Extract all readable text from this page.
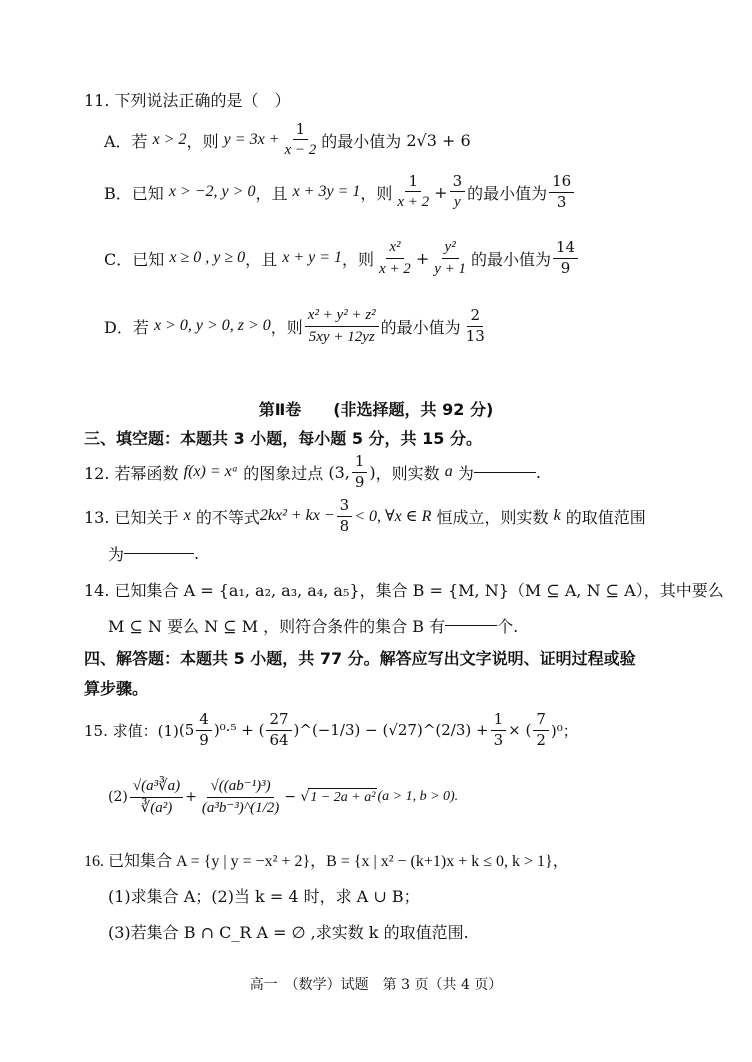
11. 下列说法正确的是（　）
A．若
x > 2 ，则
$y = 3x + \frac{1}{x - 2}$ 的最小值为
2√3 + 6
B．已知
x > −2, y > 0 ，且
x + 3y = 1 ，则 $\frac{1}{x + 2} + \frac{3}{y}$ 的最小值为 $\frac{16}{3}$
C．已知
x ≥ 0 , y ≥ 0 ，且
x + y = 1 ，则 $\frac{\text{x²}}{x + 2} + \frac{\text{y²}}{y + 1}$ 的最小值为 $\frac{14}{9}$
D．若
x > 0, y > 0, z > 0 ，则 $\frac{\text{x² + y² + z²}}{5xy + 12yz}$ 的最小值为 $\frac{2}{13}$
第Ⅱ卷　　(非选择题，共 92 分)
三、填空题：本题共 3 小题，每小题 5 分，共 15 分。
12. 若幂函数
f(x) = xᵃ
的图象过点
(3, $\frac{1}{9}$ ) ，则实数
a
为	.
13. 已知关于
x
的不等式 2kx² + kx − $\frac{3}{8} < 0$, ∀x ∈ R
恒成立，则实数
k
的取值范围
为	.
14. 已知集合 A = {a₁, a₂, a₃, a₄, a₅}，集合 B = {M, N}（M ⊆ A, N ⊆ A），其中要么
M ⊆ N 要么 N ⊆ M ，则符合条件的集合 B 有	个.
四、解答题：本题共 5 小题，共 77 分。解答应写出文字说明、证明过程或验
算步骤。
15. 求值：(1) $(5 \frac{4}{9} )^0\cdot^5$ + ( $\frac{27}{64}$ )^(−1/3) − (√27)^(2/3) + $\frac{1}{3}$ × ( $\frac{7}{2} )^0$；
$(2) \frac{\text{√(a³∛a)}}{\text{∛(a²)}} + \frac{\text{√((ab⁻¹)³)}}{\text{(a³b⁻³)\textasciicircum{}(1/2)}}$ − √ 1 − 2a + a² (a > 1, b > 0).
16. 已知集合 A = {y | y = −x² + 2}，B = {x | x² − (k+1)x + k ≤ 0, k > 1}，
(1)求集合 A；(2)当 k = 4 时，求 A ∪ B；
(3)若集合 B ∩ C_R A = ∅ ,求实数 k 的取值范围.
高一　（数学）试题　第 3 页（共 4 页）
